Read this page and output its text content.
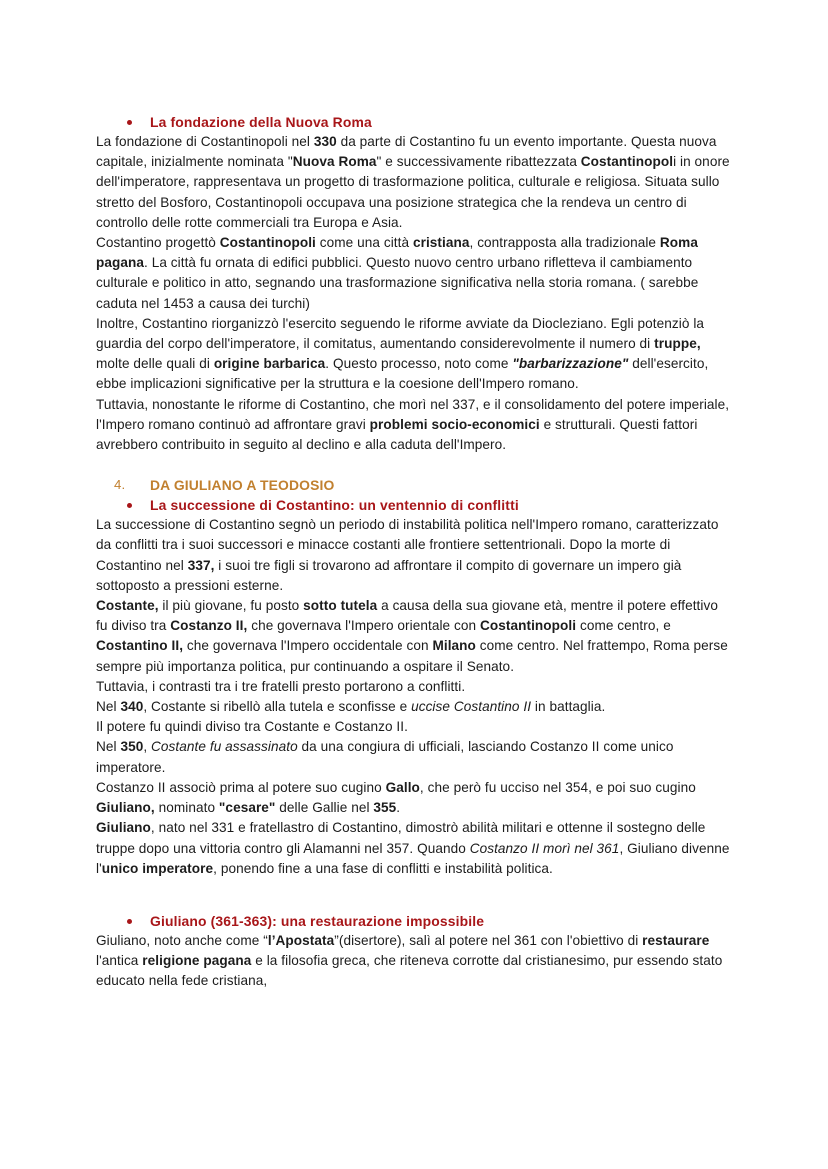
La fondazione della Nuova Roma

La fondazione di Costantinopoli nel 330 da parte di Costantino fu un evento importante. Questa nuova capitale, inizialmente nominata "Nuova Roma" e successivamente ribattezzata Costantinopoli in onore dell'imperatore, rappresentava un progetto di trasformazione politica, culturale e religiosa. Situata sullo stretto del Bosforo, Costantinopoli occupava una posizione strategica che la rendeva un centro di controllo delle rotte commerciali tra Europa e Asia.

Costantino progettò Costantinopoli come una città cristiana, contrapposta alla tradizionale Roma pagana. La città fu ornata di edifici pubblici. Questo nuovo centro urbano rifletteva il cambiamento culturale e politico in atto, segnando una trasformazione significativa nella storia romana. ( sarebbe caduta nel 1453 a causa dei turchi)

Inoltre, Costantino riorganizzò l'esercito seguendo le riforme avviate da Diocleziano. Egli potenziò la guardia del corpo dell'imperatore, il comitatus, aumentando considerevolmente il numero di truppe, molte delle quali di origine barbarica. Questo processo, noto come "barbarizzazione" dell'esercito, ebbe implicazioni significative per la struttura e la coesione dell'Impero romano.

Tuttavia, nonostante le riforme di Costantino, che morì nel 337, e il consolidamento del potere imperiale, l'Impero romano continuò ad affrontare gravi problemi socio-economici e strutturali. Questi fattori avrebbero contribuito in seguito al declino e alla caduta dell'Impero.

4. DA GIULIANO A TEODOSIO
La successione di Costantino: un ventennio di conflitti

La successione di Costantino segnò un periodo di instabilità politica nell'Impero romano, caratterizzato da conflitti tra i suoi successori e minacce costanti alle frontiere settentrionali. Dopo la morte di Costantino nel 337, i suoi tre figli si trovarono ad affrontare il compito di governare un impero già sottoposto a pressioni esterne.

Costante, il più giovane, fu posto sotto tutela a causa della sua giovane età, mentre il potere effettivo fu diviso tra Costanzo II, che governava l'Impero orientale con Costantinopoli come centro, e Costantino II, che governava l'Impero occidentale con Milano come centro. Nel frattempo, Roma perse sempre più importanza politica, pur continuando a ospitare il Senato.

Tuttavia, i contrasti tra i tre fratelli presto portarono a conflitti.

Nel 340, Costante si ribellò alla tutela e sconfisse e uccise Costantino II in battaglia.

Il potere fu quindi diviso tra Costante e Costanzo II.

Nel 350, Costante fu assassinato da una congiura di ufficiali, lasciando Costanzo II come unico imperatore.

Costanzo II associò prima al potere suo cugino Gallo, che però fu ucciso nel 354, e poi suo cugino Giuliano, nominato "cesare" delle Gallie nel 355.

Giuliano, nato nel 331 e fratellastro di Costantino, dimostrò abilità militari e ottenne il sostegno delle truppe dopo una vittoria contro gli Alamanni nel 357. Quando Costanzo II morì nel 361, Giuliano divenne l'unico imperatore, ponendo fine a una fase di conflitti e instabilità politica.

Giuliano (361-363): una restaurazione impossibile

Giuliano, noto anche come “l’Apostata”(disertore), salì al potere nel 361 con l'obiettivo di restaurare l'antica religione pagana e la filosofia greca, che riteneva corrotte dal cristianesimo, pur essendo stato educato nella fede cristiana,
